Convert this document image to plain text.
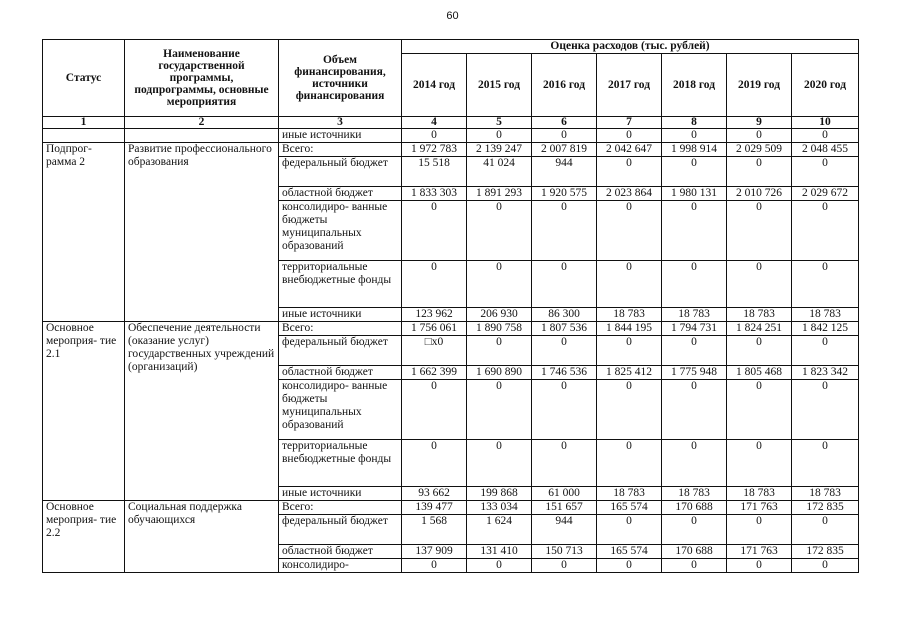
60
Статус	Наименование государственной программы, подпрограммы, основные мероприятия	Объем финансирования, источники финансирования	Оценка расходов (тыс. рублей)						
			2014 год	2015 год	2016 год	2017 год	2018 год	2019 год	2020 год
1	2	3	4	5	6	7	8	9	10
		иные источники	0	0	0	0	0	0	0
Подпрог- рамма 2	Развитие профессионального образования	Всего:	1 972 783	2 139 247	2 007 819	2 042 647	1 998 914	2 029 509	2 048 455
		федеральный бюджет	15 518	41 024	944	0	0	0	0
		областной бюджет	1 833 303	1 891 293	1 920 575	2 023 864	1 980 131	2 010 726	2 029 672
		консолидиро- ванные бюджеты муниципальных образований	0	0	0	0	0	0	0
		территориальные внебюджетные фонды	0	0	0	0	0	0	0
		иные источники	123 962	206 930	86 300	18 783	18 783	18 783	18 783
Основное мероприя- тие 2.1	Обеспечение деятельности (оказание услуг) государственных учреждений (организаций)	Всего:	1 756 061	1 890 758	1 807 536	1 844 195	1 794 731	1 824 251	1 842 125
		федеральный бюджет	□x0	0	0	0	0	0	0
		областной бюджет	1 662 399	1 690 890	1 746 536	1 825 412	1 775 948	1 805 468	1 823 342
		консолидиро- ванные бюджеты муниципальных образований	0	0	0	0	0	0	0
		территориальные внебюджетные фонды	0	0	0	0	0	0	0
		иные источники	93 662	199 868	61 000	18 783	18 783	18 783	18 783
Основное мероприя- тие 2.2	Социальная поддержка обучающихся	Всего:	139 477	133 034	151 657	165 574	170 688	171 763	172 835
		федеральный бюджет	1 568	1 624	944	0	0	0	0
		областной бюджет	137 909	131 410	150 713	165 574	170 688	171 763	172 835
		консолидиро-	0	0	0	0	0	0	0
